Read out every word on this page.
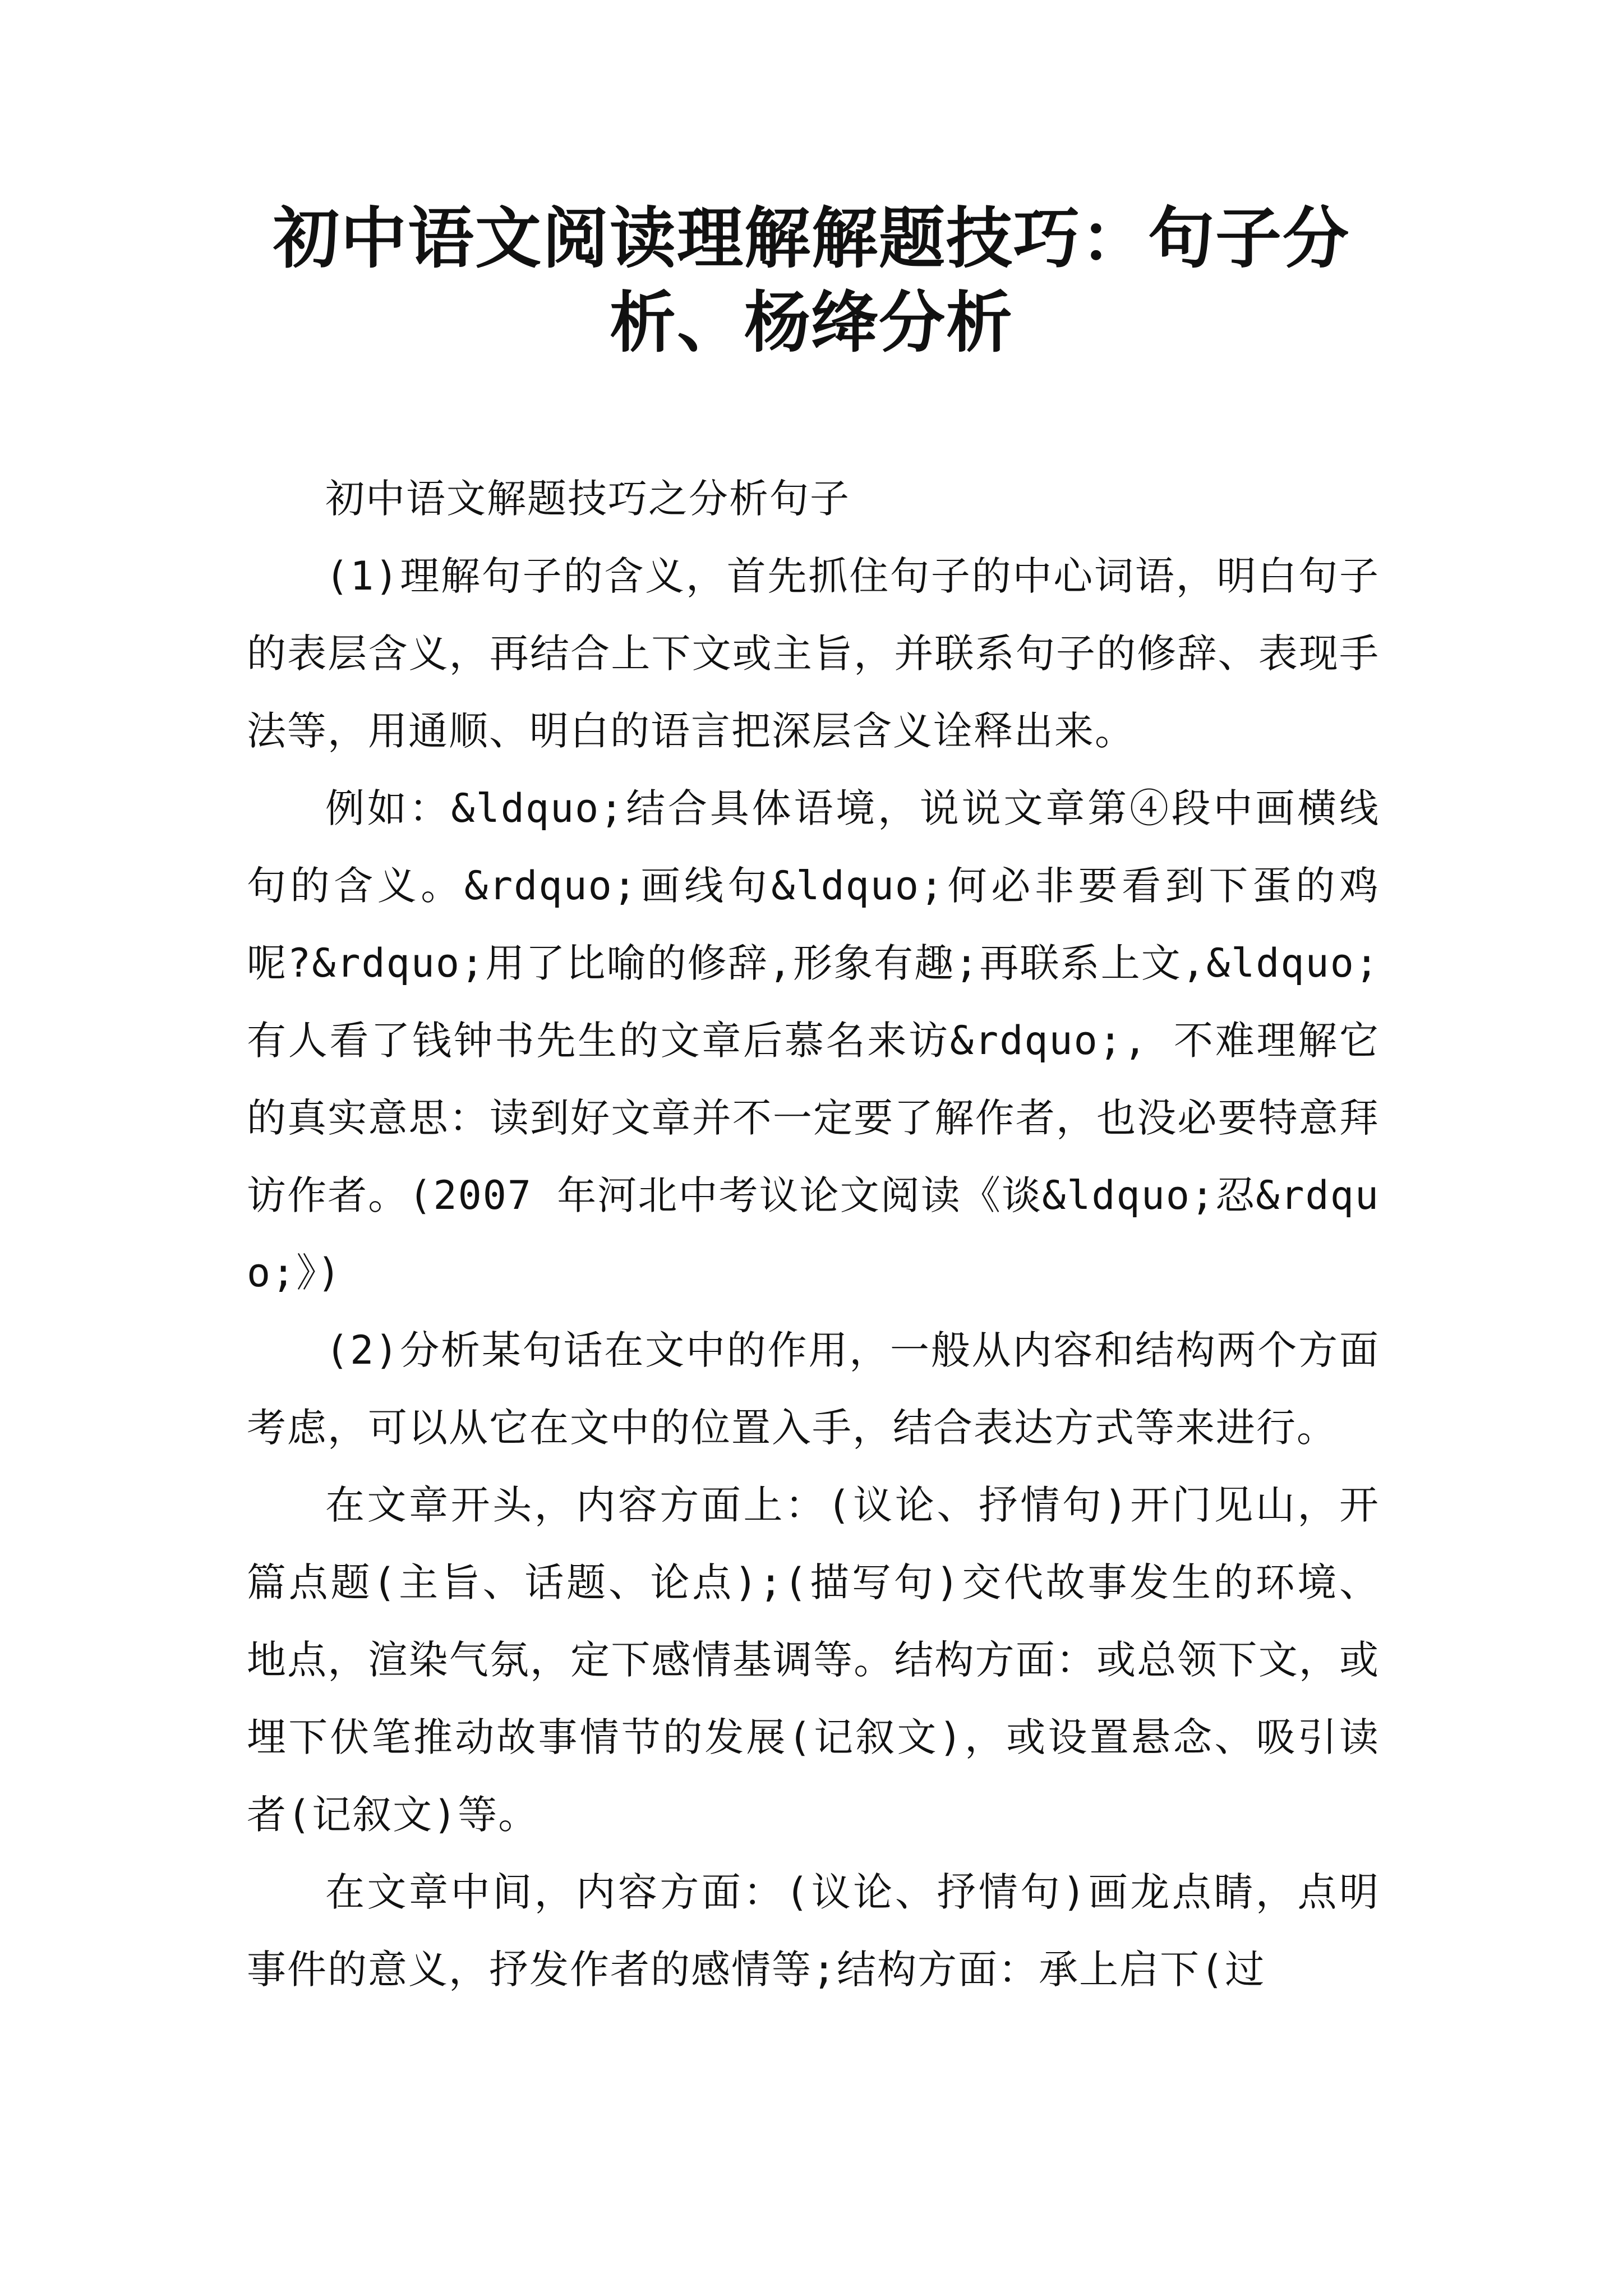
初中语文阅读理解解题技巧：句子分析、杨绛分析

初中语文解题技巧之分析句子

(1)理解句子的含义，首先抓住句子的中心词语，明白句子的表层含义，再结合上下文或主旨，并联系句子的修辞、表现手法等，用通顺、明白的语言把深层含义诠释出来。

例如：&ldquo;结合具体语境，说说文章第④段中画横线句的含义。&rdquo;画线句&ldquo;何必非要看到下蛋的鸡呢?&rdquo;用了比喻的修辞,形象有趣;再联系上文,&ldquo;有人看了钱钟书先生的文章后慕名来访&rdquo;, 不难理解它的真实意思：读到好文章并不一定要了解作者，也没必要特意拜访作者。(2007 年河北中考议论文阅读《谈&ldquo;忍&rdquo;》)

(2)分析某句话在文中的作用，一般从内容和结构两个方面考虑，可以从它在文中的位置入手，结合表达方式等来进行。

在文章开头，内容方面上：(议论、抒情句)开门见山，开篇点题(主旨、话题、论点);(描写句)交代故事发生的环境、地点，渲染气氛，定下感情基调等。结构方面：或总领下文，或埋下伏笔推动故事情节的发展(记叙文)，或设置悬念、吸引读者(记叙文)等。

在文章中间，内容方面：(议论、抒情句)画龙点睛，点明事件的意义，抒发作者的感情等;结构方面：承上启下(过
